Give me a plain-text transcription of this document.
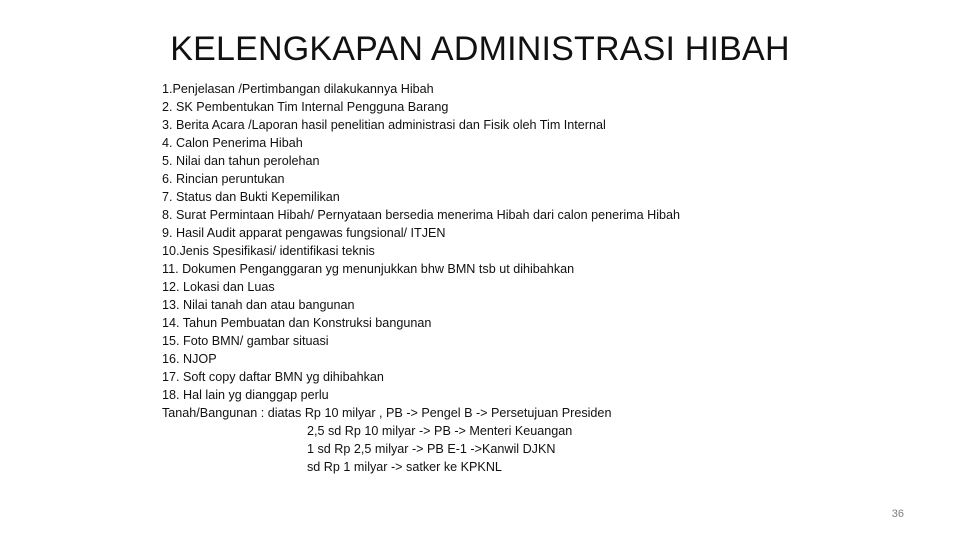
KELENGKAPAN ADMINISTRASI HIBAH
1.Penjelasan /Pertimbangan dilakukannya Hibah
2. SK Pembentukan Tim Internal Pengguna Barang
3. Berita Acara /Laporan hasil penelitian administrasi dan Fisik oleh Tim Internal
4. Calon Penerima Hibah
5. Nilai dan tahun perolehan
6. Rincian peruntukan
7. Status dan Bukti Kepemilikan
8. Surat Permintaan Hibah/ Pernyataan bersedia menerima Hibah dari calon penerima Hibah
9. Hasil Audit apparat pengawas fungsional/ ITJEN
10.Jenis Spesifikasi/ identifikasi teknis
11. Dokumen Penganggaran yg menunjukkan bhw BMN tsb ut dihibahkan
12. Lokasi dan Luas
13. Nilai tanah dan atau bangunan
14. Tahun Pembuatan dan Konstruksi bangunan
15. Foto BMN/ gambar situasi
16. NJOP
17. Soft copy daftar BMN yg dihibahkan
18. Hal lain yg dianggap perlu
Tanah/Bangunan : diatas Rp 10 milyar , PB -> Pengel B -> Persetujuan Presiden
2,5 sd Rp 10 milyar -> PB -> Menteri Keuangan
1 sd Rp 2,5 milyar -> PB E-1 ->Kanwil DJKN
sd Rp 1 milyar -> satker ke KPKNL
36
